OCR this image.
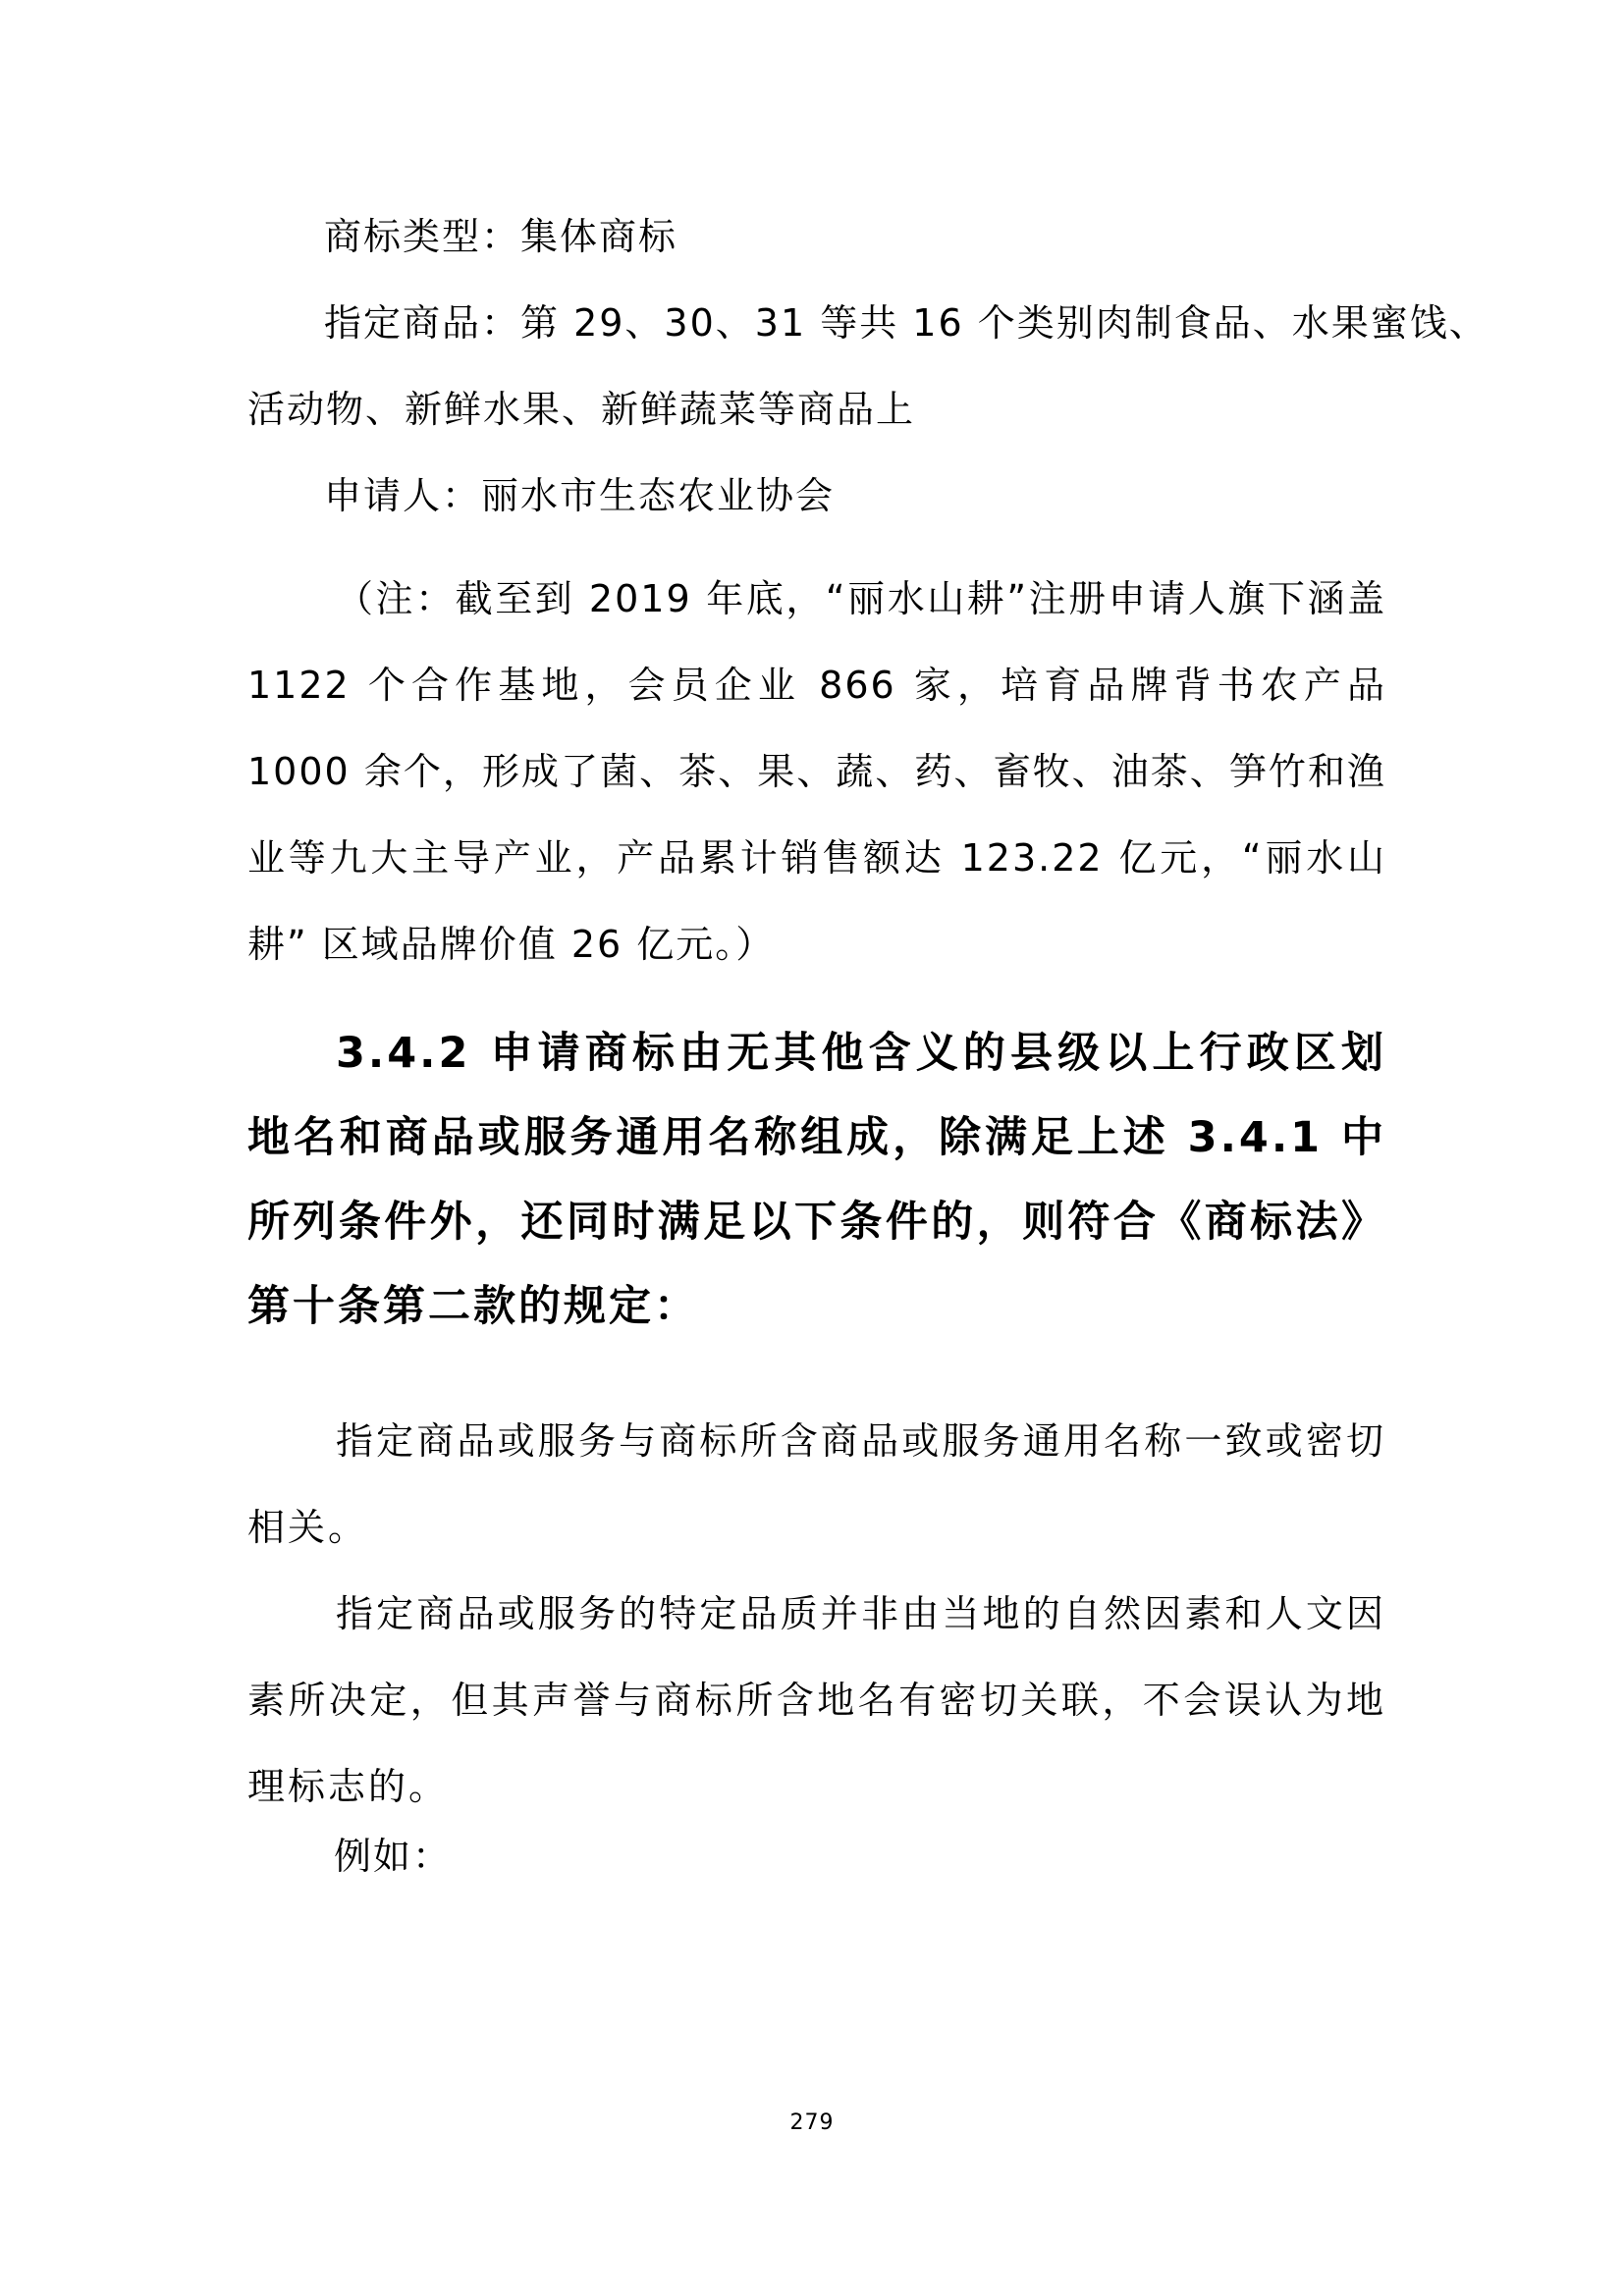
商标类型：集体商标
指定商品：第 29、30、31 等共 16 个类别肉制食品、水果蜜饯、
活动物、新鲜水果、新鲜蔬菜等商品上
申请人：丽水市生态农业协会
（注：截至到 2019 年底，“丽水山耕”注册申请人旗下涵盖 1122 个合作基地，会员企业 866 家，培育品牌背书农产品 1000 余个，形成了菌、茶、果、蔬、药、畜牧、油茶、笋竹和渔业等九大主导产业，产品累计销售额达 123.22 亿元，“丽水山耕” 区域品牌价值 26 亿元。）
3.4.2 申请商标由无其他含义的县级以上行政区划地名和商品或服务通用名称组成，除满足上述 3.4.1 中所列条件外，还同时满足以下条件的，则符合《商标法》第十条第二款的规定：
指定商品或服务与商标所含商品或服务通用名称一致或密切相关。
指定商品或服务的特定品质并非由当地的自然因素和人文因素所决定，但其声誉与商标所含地名有密切关联，不会误认为地理标志的。
例如：
279
